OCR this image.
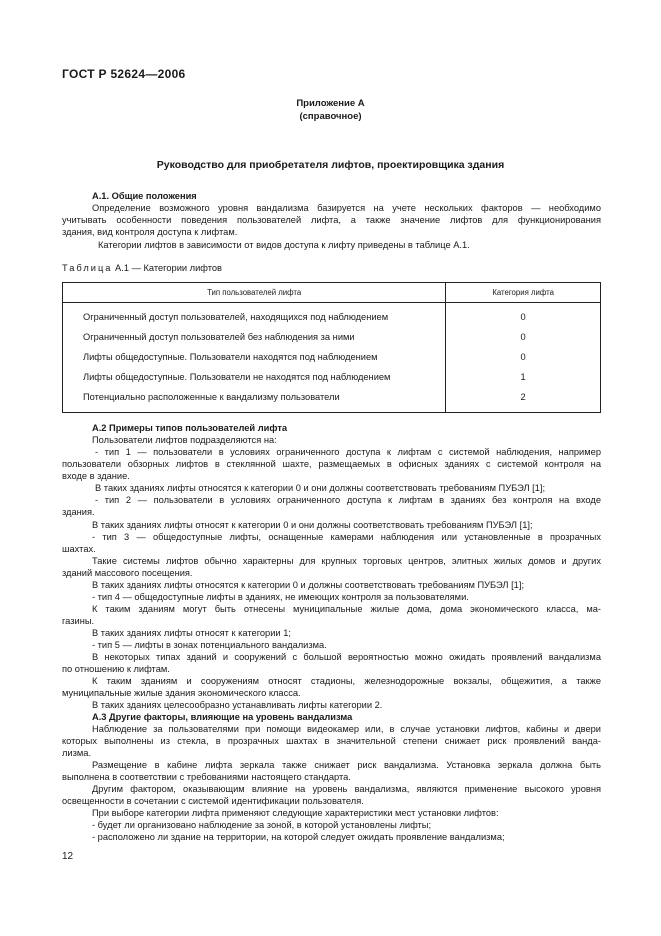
ГОСТ Р 52624—2006
Приложение А
(справочное)
Руководство для приобретателя лифтов, проектировщика здания
А.1. Общие положения
Определение возможного уровня вандализма базируется на учете нескольких факторов — необходимо
учитывать особенности поведения пользователей лифта, а также значение лифтов для функционирования
здания, вид контроля доступа к лифтам.
Категории лифтов в зависимости от видов доступа к лифту приведены в таблице А.1.
Таблица А.1 — Категории лифтов
Тип пользователей лифта	Категория лифта
Ограниченный доступ пользователей, находящихся под наблюдением	0
Ограниченный доступ пользователей без наблюдения за ними	0
Лифты общедоступные. Пользователи находятся под наблюдением	0
Лифты общедоступные. Пользователи не находятся под наблюдением	1
Потенциально расположенные к вандализму пользователи	2
А.2 Примеры типов пользователей лифта
Пользователи лифтов подразделяются на:
- тип 1 — пользователи в условиях ограниченного доступа к лифтам с системой наблюдения, например
пользователи обзорных лифтов в стеклянной шахте, размещаемых в офисных зданиях с системой контроля на
входе в здание.
В таких зданиях лифты относятся к категории 0 и они должны соответствовать требованиям ПУБЭЛ [1];
- тип 2 — пользователи в условиях ограниченного доступа к лифтам в зданиях без контроля на входе
здания.
В таких зданиях лифты относят к категории 0 и они должны соответствовать требованиям ПУБЭЛ [1];
- тип 3 — общедоступные лифты, оснащенные камерами наблюдения или установленные в прозрачных
шахтах.
Такие системы лифтов обычно характерны для крупных торговых центров, элитных жилых домов и других
зданий массового посещения.
В таких зданиях лифты относятся к категории 0 и должны соответствовать требованиям ПУБЭЛ [1];
- тип 4 — общедоступные лифты в зданиях, не имеющих контроля за пользователями.
К таким зданиям могут быть отнесены муниципальные жилые дома, дома экономического класса, ма-
газины.
В таких зданиях лифты относят к категории 1;
- тип 5 — лифты в зонах потенциального вандализма.
В некоторых типах зданий и сооружений с большой вероятностью можно ожидать проявлений вандализма
по отношению к лифтам.
К таким зданиям и сооружениям относят стадионы, железнодорожные вокзалы, общежития, а также
муниципальные жилые здания экономического класса.
В таких зданиях целесообразно устанавливать лифты категории 2.
А.3 Другие факторы, влияющие на уровень вандализма
Наблюдение за пользователями при помощи видеокамер или, в случае установки лифтов, кабины и двери
которых выполнены из стекла, в прозрачных шахтах в значительной степени снижает риск проявлений ванда-
лизма.
Размещение в кабине лифта зеркала также снижает риск вандализма. Установка зеркала должна быть
выполнена в соответствии с требованиями настоящего стандарта.
Другим фактором, оказывающим влияние на уровень вандализма, являются применение высокого уровня
освещенности в сочетании с системой идентификации пользователя.
При выборе категории лифта применяют следующие характеристики мест установки лифтов:
- будет ли организовано наблюдение за зоной, в которой установлены лифты;
- расположено ли здание на территории, на которой следует ожидать проявление вандализма;
12
